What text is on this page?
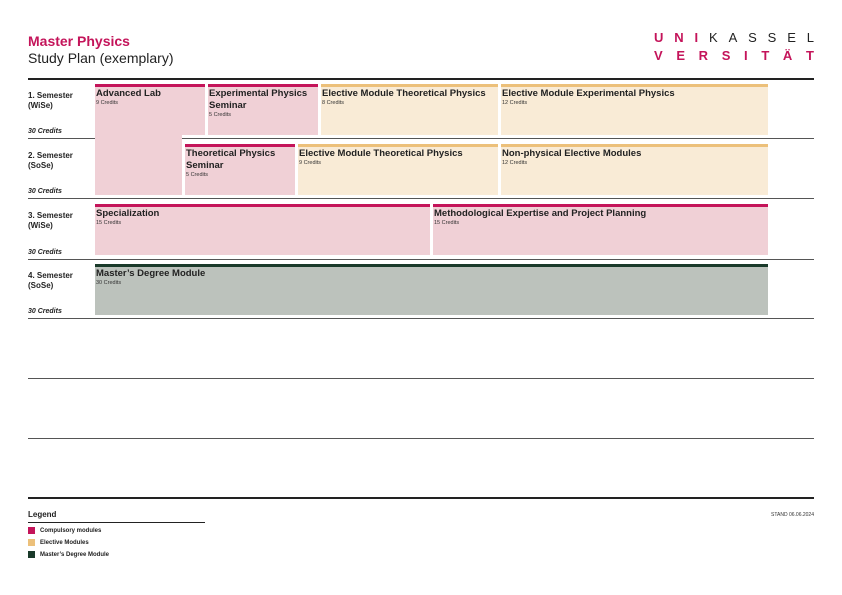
Master Physics
Study Plan (exemplary)
U N I K A S S E L
V E R S I T Ä T
1. Semester
(WiSe)
30 Credits
2. Semester
(SoSe)
30 Credits
3. Semester
(WiSe)
30 Credits
4. Semester
(SoSe)
30 Credits
Advanced Lab
9 Credits
Experimental Physics Seminar
5 Credits
Elective Module Theoretical Physics
8 Credits
Elective Module Experimental Physics
12 Credits
Theoretical Physics Seminar
5 Credits
Elective Module Theoretical Physics
9 Credits
Non-physical Elective Modules
12 Credits
Specialization
15 Credits
Methodological Expertise and Project Planning
15 Credits
Master’s Degree Module
30 Credits
Legend
Compulsory modules
Elective Modules
Master’s Degree Module
STAND 06.06.2024
